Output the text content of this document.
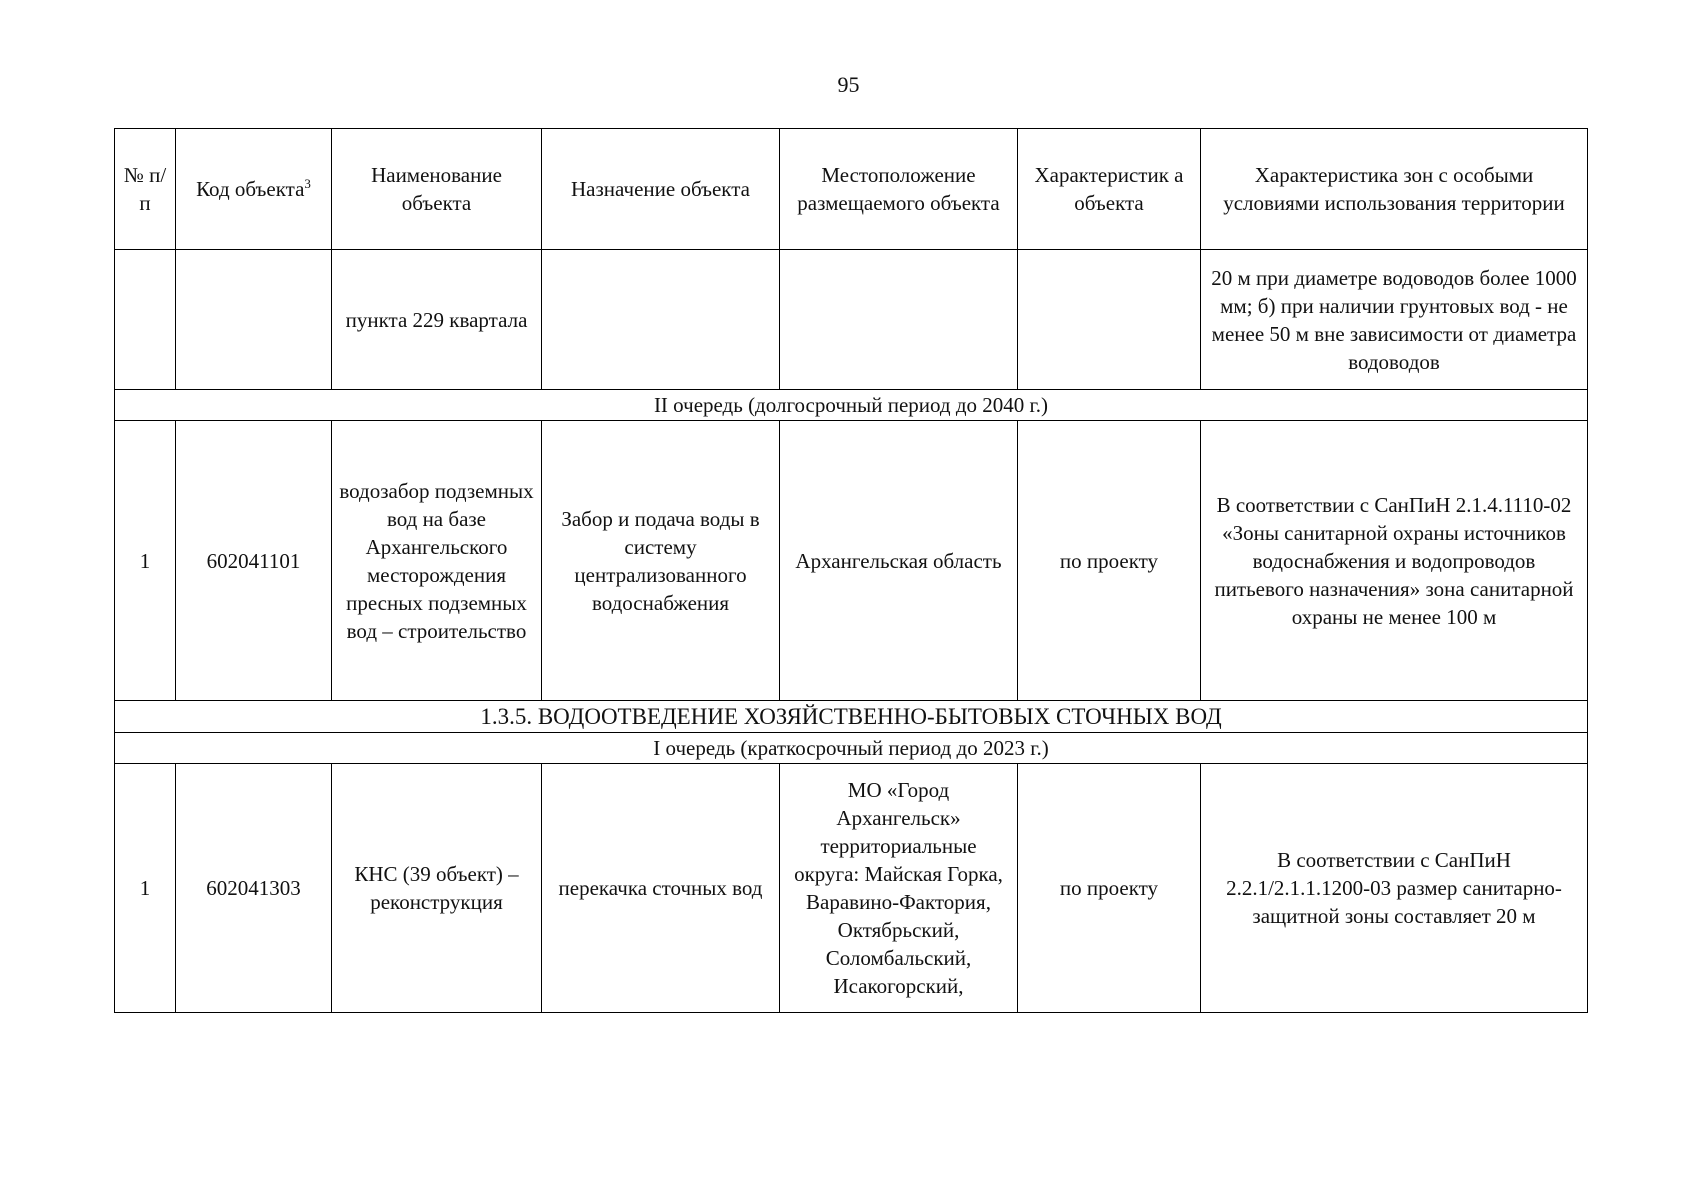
95
№ п/п	Код объекта$^3$	Наименование объекта	Назначение объекта	Местоположение размещаемого объекта	Характеристик а объекта	Характеристика зон с особыми условиями использования территории
		пункта 229 квартала				20 м при диаметре водоводов более 1000 мм; б) при наличии грунтовых вод - не менее 50 м вне зависимости от диаметра водоводов
II очередь (долгосрочный период до 2040 г.)						
1	602041101	водозабор подземных вод на базе Архангельского месторождения пресных подземных вод – строительство	Забор и подача воды в систему централизованного водоснабжения	Архангельская область	по проекту	В соответствии с СанПиН 2.1.4.1110-02 «Зоны санитарной охраны источников водоснабжения и водопроводов питьевого назначения» зона санитарной охраны не менее 100 м
1.3.5. ВОДООТВЕДЕНИЕ ХОЗЯЙСТВЕННО-БЫТОВЫХ СТОЧНЫХ ВОД						
I очередь (краткосрочный период до 2023 г.)						
1	602041303	КНС (39 объект) –реконструкция	перекачка сточных вод	МО «Город Архангельск» территориальные округа: Майская Горка, Варавино-Фактория, Октябрьский, Соломбальский, Исакогорский,	по проекту	В соответствии с СанПиН 2.2.1/2.1.1.1200-03 размер санитарно-защитной зоны составляет 20 м
